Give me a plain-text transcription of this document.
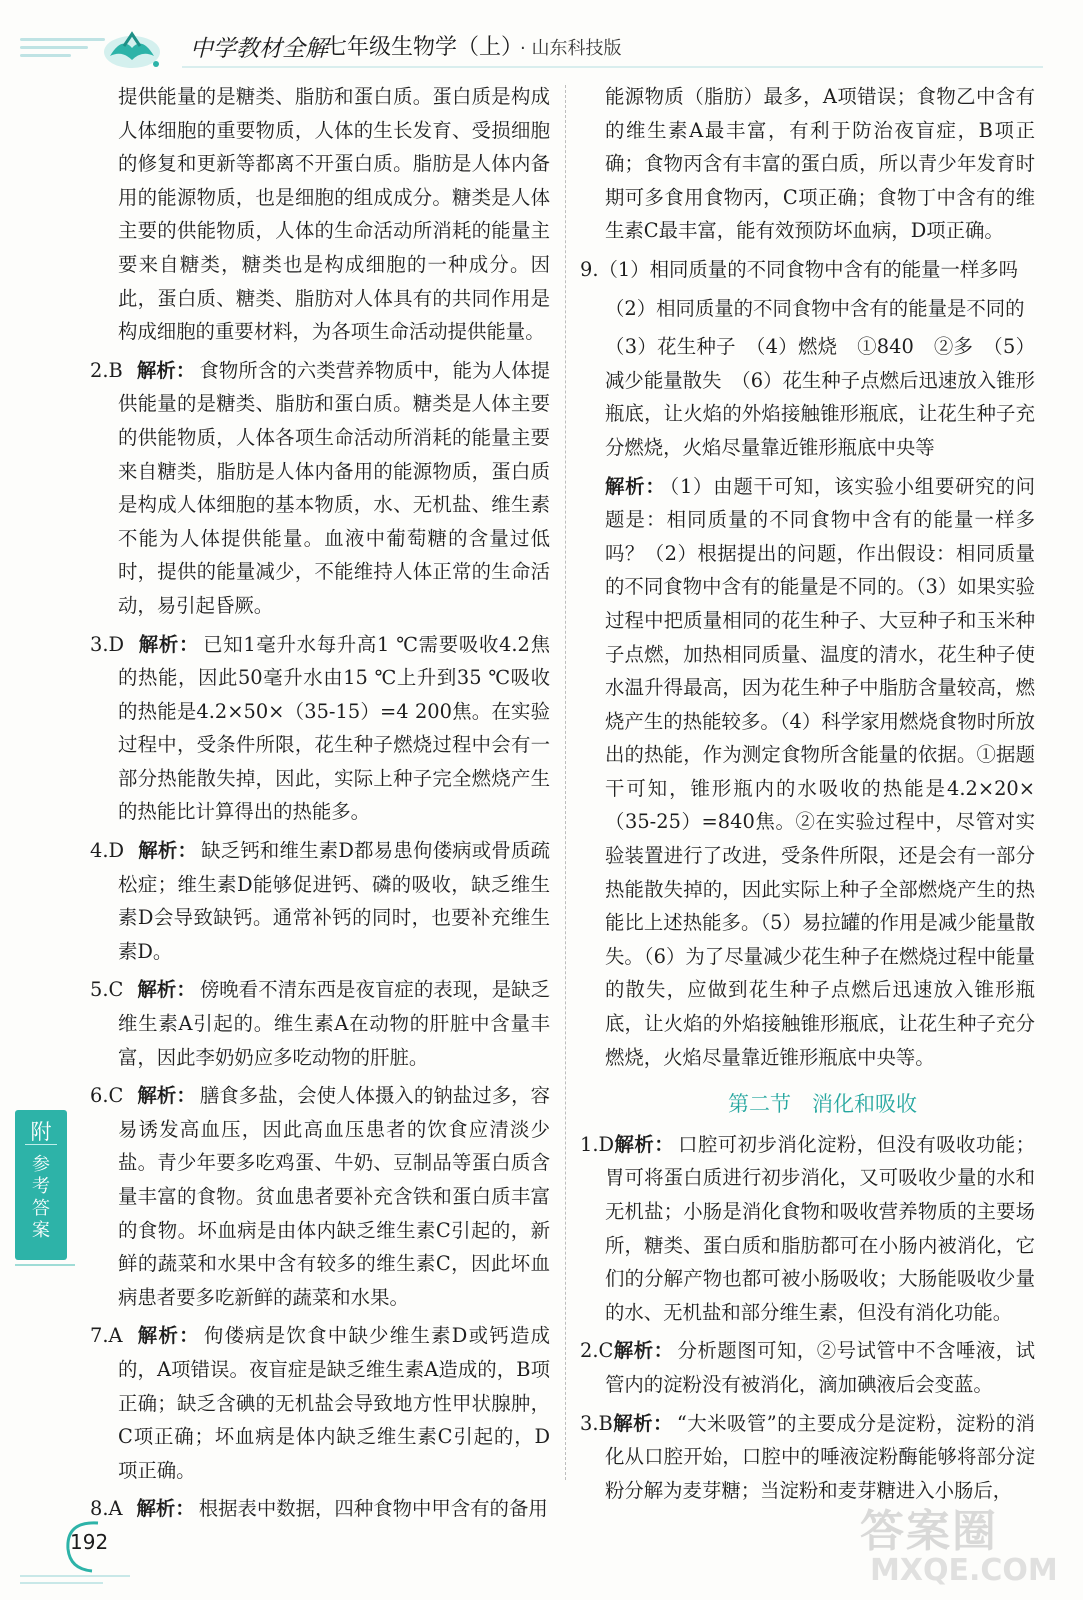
中学教材全解
七年级生物学（上）
· 山东科技版

提供能量的是糖类、脂肪和蛋白质。蛋白质是构成人体细胞的重要物质，人体的生长发育、受损细胞的修复和更新等都离不开蛋白质。脂肪是人体内备用的能源物质，也是细胞的组成成分。糖类是人体主要的供能物质，人体的生命活动所消耗的能量主要来自糖类，糖类也是构成细胞的一种成分。因此，蛋白质、糖类、脂肪对人体具有的共同作用是构成细胞的重要材料，为各项生命活动提供能量。

2.B 解析： 食物所含的六类营养物质中，能为人体提供能量的是糖类、脂肪和蛋白质。糖类是人体主要的供能物质，人体各项生命活动所消耗的能量主要来自糖类，脂肪是人体内备用的能源物质，蛋白质是构成人体细胞的基本物质，水、无机盐、维生素不能为人体提供能量。血液中葡萄糖的含量过低时，提供的能量减少，不能维持人体正常的生命活动，易引起昏厥。

3.D 解析： 已知1毫升水每升高1 ℃需要吸收4.2焦的热能，因此50毫升水由15 ℃上升到35 ℃吸收的热能是4.2×50×（35-15）=4 200焦。在实验过程中，受条件所限，花生种子燃烧过程中会有一部分热能散失掉，因此，实际上种子完全燃烧产生的热能比计算得出的热能多。

4.D 解析： 缺乏钙和维生素D都易患佝偻病或骨质疏松症；维生素D能够促进钙、磷的吸收，缺乏维生素D会导致缺钙。通常补钙的同时，也要补充维生素D。

5.C 解析： 傍晚看不清东西是夜盲症的表现，是缺乏维生素A引起的。维生素A在动物的肝脏中含量丰富，因此李奶奶应多吃动物的肝脏。

6.C 解析： 膳食多盐，会使人体摄入的钠盐过多，容易诱发高血压，因此高血压患者的饮食应清淡少盐。青少年要多吃鸡蛋、牛奶、豆制品等蛋白质含量丰富的食物。贫血患者要补充含铁和蛋白质丰富的食物。坏血病是由体内缺乏维生素C引起的，新鲜的蔬菜和水果中含有较多的维生素C，因此坏血病患者要多吃新鲜的蔬菜和水果。

7.A 解析： 佝偻病是饮食中缺少维生素D或钙造成的，A项错误。夜盲症是缺乏维生素A造成的，B项正确；缺乏含碘的无机盐会导致地方性甲状腺肿，C项正确；坏血病是体内缺乏维生素C引起的，D项正确。

8.A 解析： 根据表中数据，四种食物中甲含有的备用

能源物质（脂肪）最多，A项错误；食物乙中含有的维生素A最丰富，有利于防治夜盲症，B项正确；食物丙含有丰富的蛋白质，所以青少年发育时期可多食用食物丙，C项正确；食物丁中含有的维生素C最丰富，能有效预防坏血病，D项正确。

9.（1）相同质量的不同食物中含有的能量一样多吗

（2）相同质量的不同食物中含有的能量是不同的

（3）花生种子　（4）燃烧　①840　②多　（5）减少能量散失　（6）花生种子点燃后迅速放入锥形瓶底，让火焰的外焰接触锥形瓶底，让花生种子充分燃烧，火焰尽量靠近锥形瓶底中央等

解析： （1）由题干可知，该实验小组要研究的问题是：相同质量的不同食物中含有的能量一样多吗？（2）根据提出的问题，作出假设：相同质量的不同食物中含有的能量是不同的。（3）如果实验过程中把质量相同的花生种子、大豆种子和玉米种子点燃，加热相同质量、温度的清水，花生种子使水温升得最高，因为花生种子中脂肪含量较高，燃烧产生的热能较多。（4）科学家用燃烧食物时所放出的热能，作为测定食物所含能量的依据。①据题干可知，锥形瓶内的水吸收的热能是4.2×20×（35-25）=840焦。②在实验过程中，尽管对实验装置进行了改进，受条件所限，还是会有一部分热能散失掉的，因此实际上种子全部燃烧产生的热能比上述热能多。（5）易拉罐的作用是减少能量散失。（6）为了尽量减少花生种子在燃烧过程中能量的散失，应做到花生种子点燃后迅速放入锥形瓶底，让火焰的外焰接触锥形瓶底，让花生种子充分燃烧，火焰尽量靠近锥形瓶底中央等。

第二节　消化和吸收

1.D解析： 口腔可初步消化淀粉，但没有吸收功能；胃可将蛋白质进行初步消化，又可吸收少量的水和无机盐；小肠是消化食物和吸收营养物质的主要场所，糖类、蛋白质和脂肪都可在小肠内被消化，它们的分解产物也都可被小肠吸收；大肠能吸收少量的水、无机盐和部分维生素，但没有消化功能。

2.C解析： 分析题图可知，②号试管中不含唾液，试管内的淀粉没有被消化，滴加碘液后会变蓝。

3.B解析： “大米吸管”的主要成分是淀粉，淀粉的消化从口腔开始，口腔中的唾液淀粉酶能够将部分淀粉分解为麦芽糖；当淀粉和麦芽糖进入小肠后，

附
参
考
答
案
192	答案圈
MXQE.COM
